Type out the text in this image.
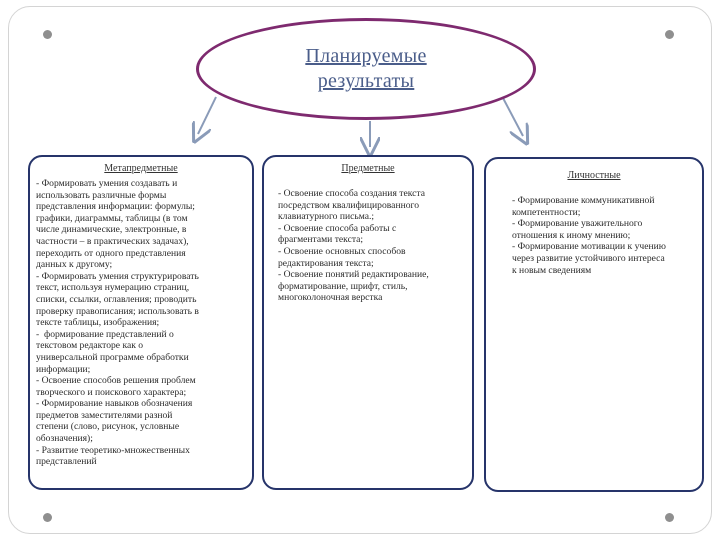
Планируемые
результаты
Метапредметные
- Формировать умения создавать и
использовать различные формы
представления информации: формулы;
графики, диаграммы, таблицы (в том
числе динамические, электронные, в
частности – в практических задачах),
переходить от одного представления
данных к другому;
- Формировать умения структурировать
текст, используя нумерацию страниц,
списки, ссылки, оглавления; проводить
проверку правописания; использовать в
тексте таблицы, изображения;
-  формирование представлений о
текстовом редакторе как о
универсальной программе обработки
информации;
- Освоение способов решения проблем
творческого и поискового характера;
- Формирование навыков обозначения
предметов заместителями разной
степени (слово, рисунок, условные
обозначения);
- Развитие теоретико-множественных
представлений
Предметные
- Освоение способа создания текста
посредством квалифицированного
клавиатурного письма.;
- Освоение способа работы с
фрагментами текста;
- Освоение основных способов
редактирования текста;
- Освоение понятий редактирование,
форматирование, шрифт, стиль,
многоколоночная верстка
Личностные
- Формирование коммуникативной
компетентности;
- Формирование уважительного
отношения к иному мнению;
- Формирование мотивации к учению
через развитие устойчивого интереса
к новым сведениям
